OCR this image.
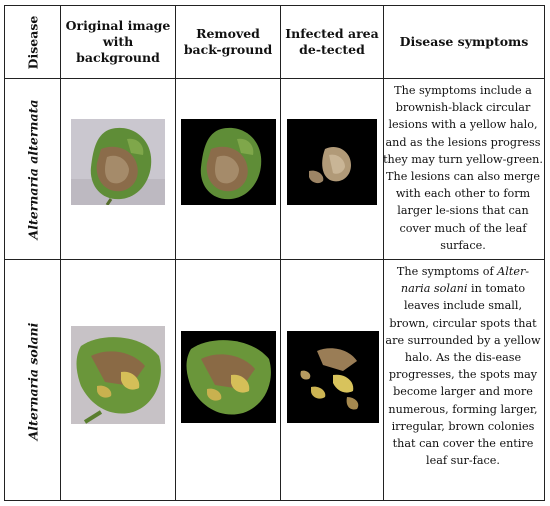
Disease	Original image with background
Removed back-ground
Infected area de-tected
Disease symptoms
Alternaria alternata
The symptoms include a brownish-black circular lesions with a yellow halo, and as the lesions progress they may turn yellow-green. The lesions can also merge with each other to form larger le-sions that can cover much of the leaf surface.
Alternaria solani
The symptoms of Alter-naria solani in tomato leaves include small, brown, circular spots that are surrounded by a yellow halo. As the dis-ease progresses, the spots may become larger and more numerous, forming larger, irregular, brown colonies that can cover the entire leaf sur-face.
